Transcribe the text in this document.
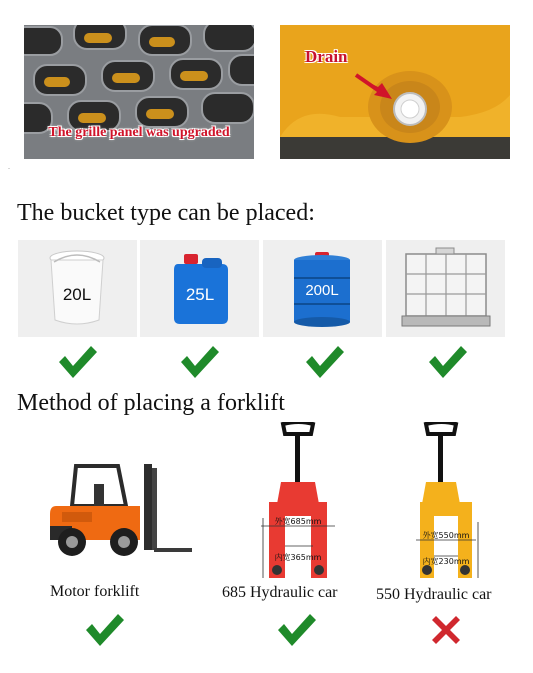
The grille panel was upgraded
Drain
.
The bucket type can be placed:
20L	25L	200L
Method of placing a forklift
外宽685mm
内宽365mm
外宽550mm
内宽230mm
Motor forklift	685 Hydraulic car 550 Hydraulic car
